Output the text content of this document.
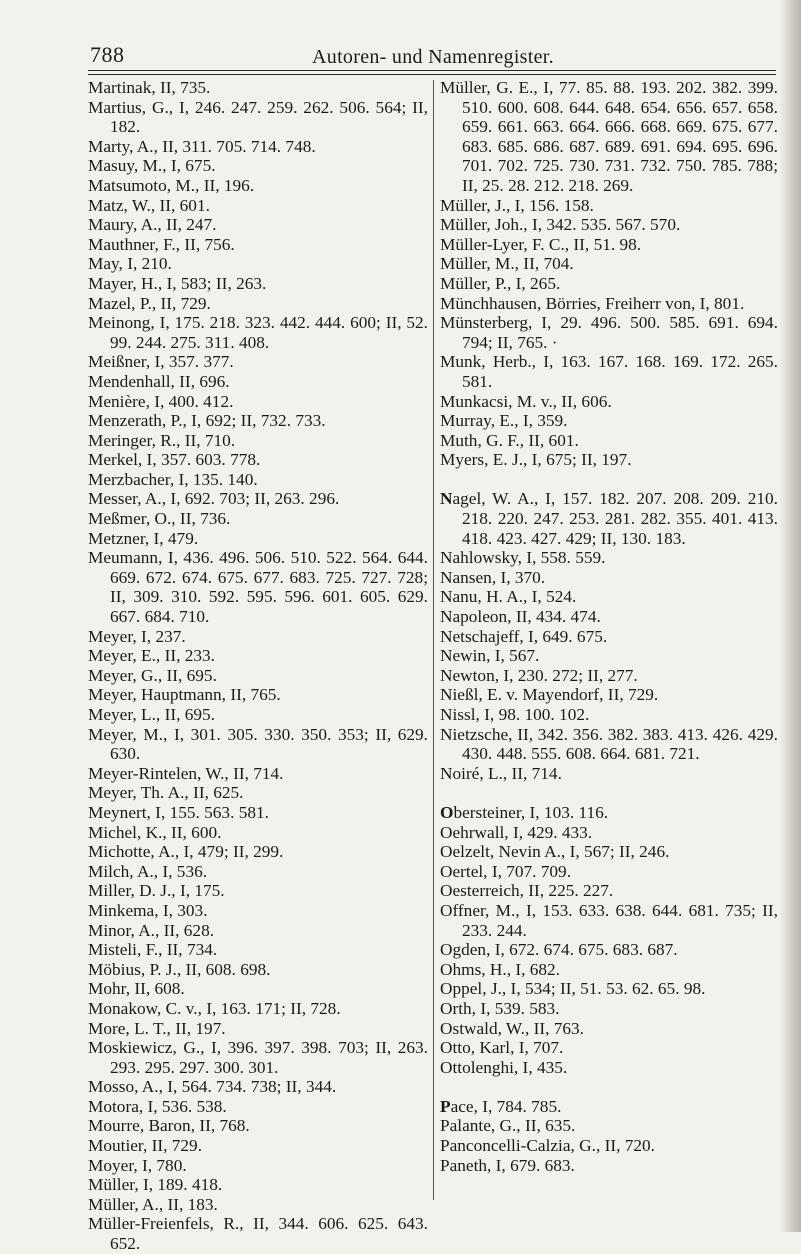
788	Autoren- und Namenregister.
Martinak, II, 735.
Martius, G., I, 246. 247. 259. 262. 506. 564; II, 182.
Marty, A., II, 311. 705. 714. 748.
Masuy, M., I, 675.
Matsumoto, M., II, 196.
Matz, W., II, 601.
Maury, A., II, 247.
Mauthner, F., II, 756.
May, I, 210.
Mayer, H., I, 583; II, 263.
Mazel, P., II, 729.
Meinong, I, 175. 218. 323. 442. 444. 600; II, 52. 99. 244. 275. 311. 408.
Meißner, I, 357. 377.
Mendenhall, II, 696.
Menière, I, 400. 412.
Menzerath, P., I, 692; II, 732. 733.
Meringer, R., II, 710.
Merkel, I, 357. 603. 778.
Merzbacher, I, 135. 140.
Messer, A., I, 692. 703; II, 263. 296.
Meßmer, O., II, 736.
Metzner, I, 479.
Meumann, I, 436. 496. 506. 510. 522. 564. 644. 669. 672. 674. 675. 677. 683. 725. 727. 728; II, 309. 310. 592. 595. 596. 601. 605. 629. 667. 684. 710.
Meyer, I, 237.
Meyer, E., II, 233.
Meyer, G., II, 695.
Meyer, Hauptmann, II, 765.
Meyer, L., II, 695.
Meyer, M., I, 301. 305. 330. 350. 353; II, 629. 630.
Meyer-Rintelen, W., II, 714.
Meyer, Th. A., II, 625.
Meynert, I, 155. 563. 581.
Michel, K., II, 600.
Michotte, A., I, 479; II, 299.
Milch, A., I, 536.
Miller, D. J., I, 175.
Minkema, I, 303.
Minor, A., II, 628.
Misteli, F., II, 734.
Möbius, P. J., II, 608. 698.
Mohr, II, 608.
Monakow, C. v., I, 163. 171; II, 728.
More, L. T., II, 197.
Moskiewicz, G., I, 396. 397. 398. 703; II, 263. 293. 295. 297. 300. 301.
Mosso, A., I, 564. 734. 738; II, 344.
Motora, I, 536. 538.
Mourre, Baron, II, 768.
Moutier, II, 729.
Moyer, I, 780.
Müller, I, 189. 418.
Müller, A., II, 183.
Müller-Freienfels, R., II, 344. 606. 625. 643. 652.
Müller, G. E., I, 77. 85. 88. 193. 202. 382. 399. 510. 600. 608. 644. 648. 654. 656. 657. 658. 659. 661. 663. 664. 666. 668. 669. 675. 677. 683. 685. 686. 687. 689. 691. 694. 695. 696. 701. 702. 725. 730. 731. 732. 750. 785. 788; II, 25. 28. 212. 218. 269.
Müller, J., I, 156. 158.
Müller, Joh., I, 342. 535. 567. 570.
Müller-Lyer, F. C., II, 51. 98.
Müller, M., II, 704.
Müller, P., I, 265.
Münchhausen, Börries, Freiherr von, I, 801.
Münsterberg, I, 29. 496. 500. 585. 691. 694. 794; II, 765. ·
Munk, Herb., I, 163. 167. 168. 169. 172. 265. 581.
Munkacsi, M. v., II, 606.
Murray, E., I, 359.
Muth, G. F., II, 601.
Myers, E. J., I, 675; II, 197.
Nagel, W. A., I, 157. 182. 207. 208. 209. 210. 218. 220. 247. 253. 281. 282. 355. 401. 413. 418. 423. 427. 429; II, 130. 183.
Nahlowsky, I, 558. 559.
Nansen, I, 370.
Nanu, H. A., I, 524.
Napoleon, II, 434. 474.
Netschajeff, I, 649. 675.
Newin, I, 567.
Newton, I, 230. 272; II, 277.
Nießl, E. v. Mayendorf, II, 729.
Nissl, I, 98. 100. 102.
Nietzsche, II, 342. 356. 382. 383. 413. 426. 429. 430. 448. 555. 608. 664. 681. 721.
Noiré, L., II, 714.
Obersteiner, I, 103. 116.
Oehrwall, I, 429. 433.
Oelzelt, Nevin A., I, 567; II, 246.
Oertel, I, 707. 709.
Oesterreich, II, 225. 227.
Offner, M., I, 153. 633. 638. 644. 681. 735; II, 233. 244.
Ogden, I, 672. 674. 675. 683. 687.
Ohms, H., I, 682.
Oppel, J., I, 534; II, 51. 53. 62. 65. 98.
Orth, I, 539. 583.
Ostwald, W., II, 763.
Otto, Karl, I, 707.
Ottolenghi, I, 435.
Pace, I, 784. 785.
Palante, G., II, 635.
Panconcelli-Calzia, G., II, 720.
Paneth, I, 679. 683.
